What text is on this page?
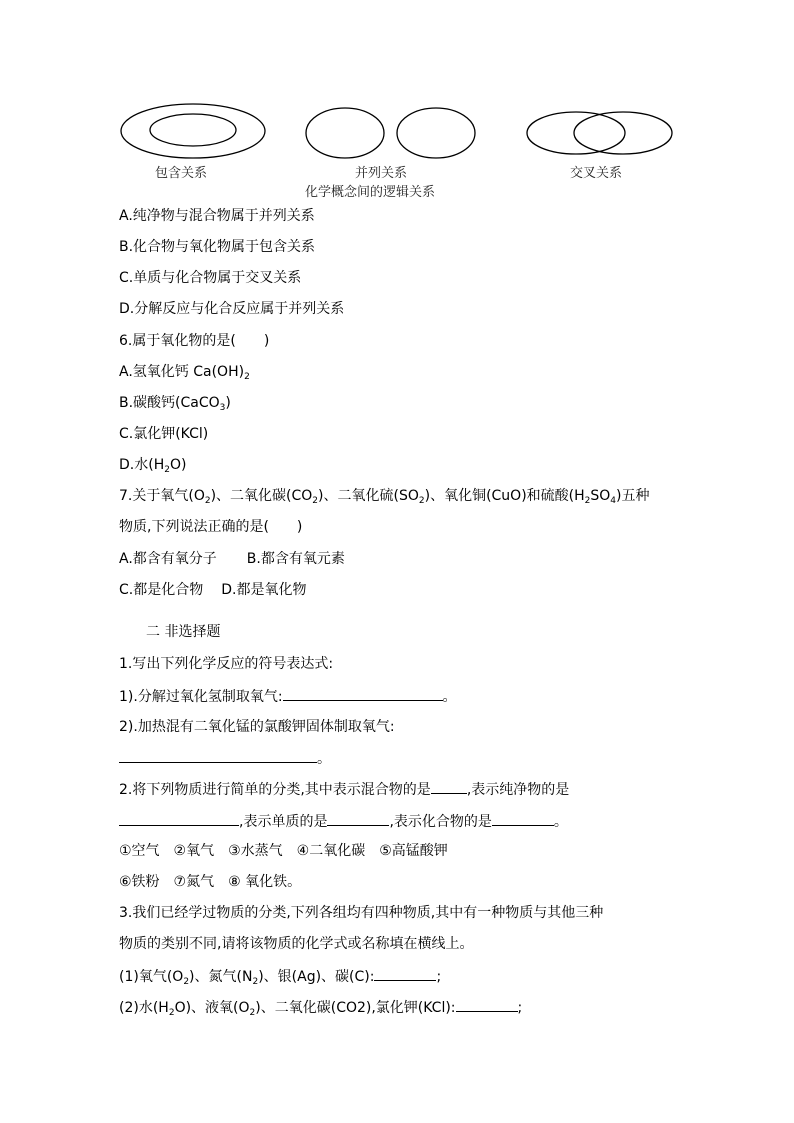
包含关系	并列关系	交叉关系
化学概念间的逻辑关系
A.纯净物与混合物属于并列关系
B.化合物与氧化物属于包含关系
C.单质与化合物属于交叉关系
D.分解反应与化合反应属于并列关系
6.属于氧化物的是(　　)
A.氢氧化钙 $Ca(OH)_2$
B.碳酸钙(CaCO$_3$)
C.氯化钾(KCl)
D.水$(H_2O)$
7.关于氧气$(O_2)$、二氧化碳$(CO_2)$、二氧化硫$(SO_2)$、氧化铜(CuO)和硫酸$(H_2SO_4)$五种
物质,下列说法正确的是(　　)
A.都含有氧分子 B.都含有氧元素
C.都是化合物 D.都是氧化物
二 非选择题
1.写出下列化学反应的符号表达式:
1).分解过氧化氢制取氧气:	。
2).加热混有二氧化锰的氯酸钾固体制取氧气:
。
2.将下列物质进行简单的分类,其中表示混合物的是	,表示纯净物的是
,表示单质的是	,表示化合物的是	。
①空气　②氧气　③水蒸气　④二氧化碳　⑤高锰酸钾
⑥铁粉　⑦氮气　⑧ 氧化铁。
3.我们已经学过物质的分类,下列各组均有四种物质,其中有一种物质与其他三种
物质的类别不同,请将该物质的化学式或名称填在横线上。
(1)氧气$(O_2)$、氮气$(N_2)$、银(Ag)、碳(C):	;
(2)水$(H_2O)$、液氧$(O_2)$、二氧化碳(CO2),氯化钾(KCl):	;
